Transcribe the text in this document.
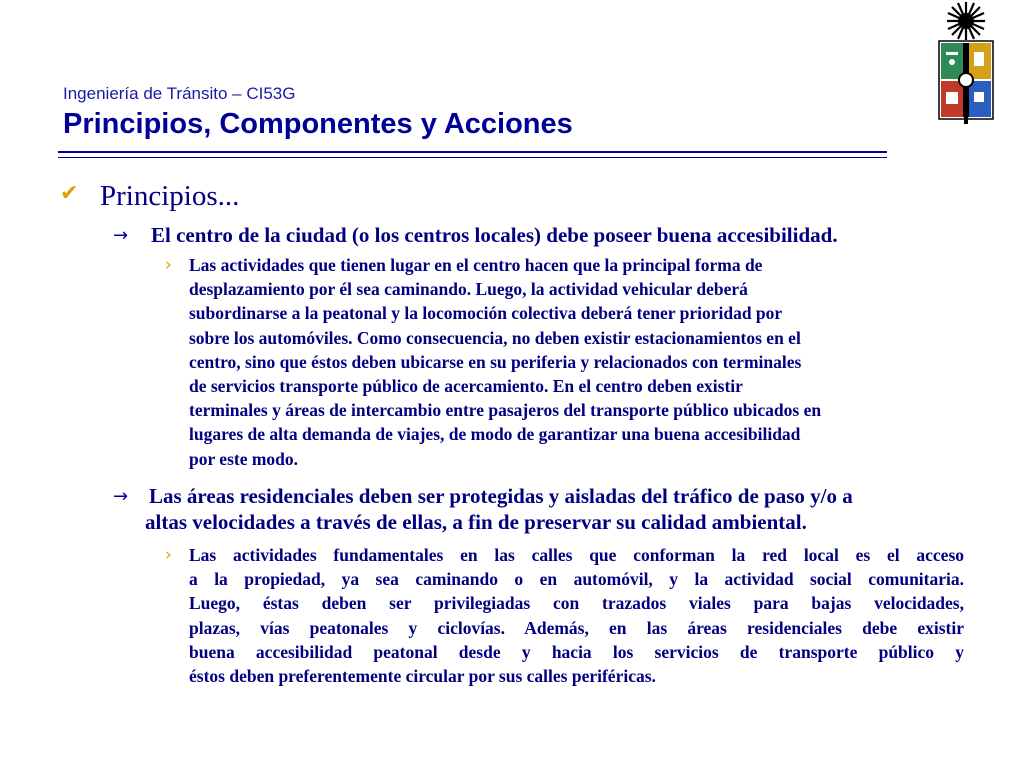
Ingeniería de Tránsito – CI53G
Principios, Componentes y Acciones
✔ Principios...
→ El centro de la ciudad (o los centros locales) debe poseer buena accesibilidad.
› Las actividades que tienen lugar en el centro hacen que la principal forma de
desplazamiento por él sea caminando. Luego, la actividad vehicular deberá
subordinarse a la peatonal y la locomoción colectiva deberá tener prioridad por
sobre los automóviles. Como consecuencia, no deben existir estacionamientos en el
centro, sino que éstos deben ubicarse en su periferia y relacionados con terminales
de servicios transporte público de acercamiento. En el centro deben existir
terminales y áreas de intercambio entre pasajeros del transporte público ubicados en
lugares de alta demanda de viajes, de modo de garantizar una buena accesibilidad
por este modo.
→ Las áreas residenciales deben ser protegidas y aisladas del tráfico de paso y/o a
altas velocidades a través de ellas, a fin de preservar su calidad ambiental.
› Las actividades fundamentales en las calles que conforman la red local es el acceso
a la propiedad, ya sea caminando o en automóvil, y la actividad social comunitaria.
Luego, éstas deben ser privilegiadas con trazados viales para bajas velocidades,
plazas, vías peatonales y ciclovías. Además, en las áreas residenciales debe existir
buena accesibilidad peatonal desde y hacia los servicios de transporte público y
éstos deben preferentemente circular por sus calles periféricas.
